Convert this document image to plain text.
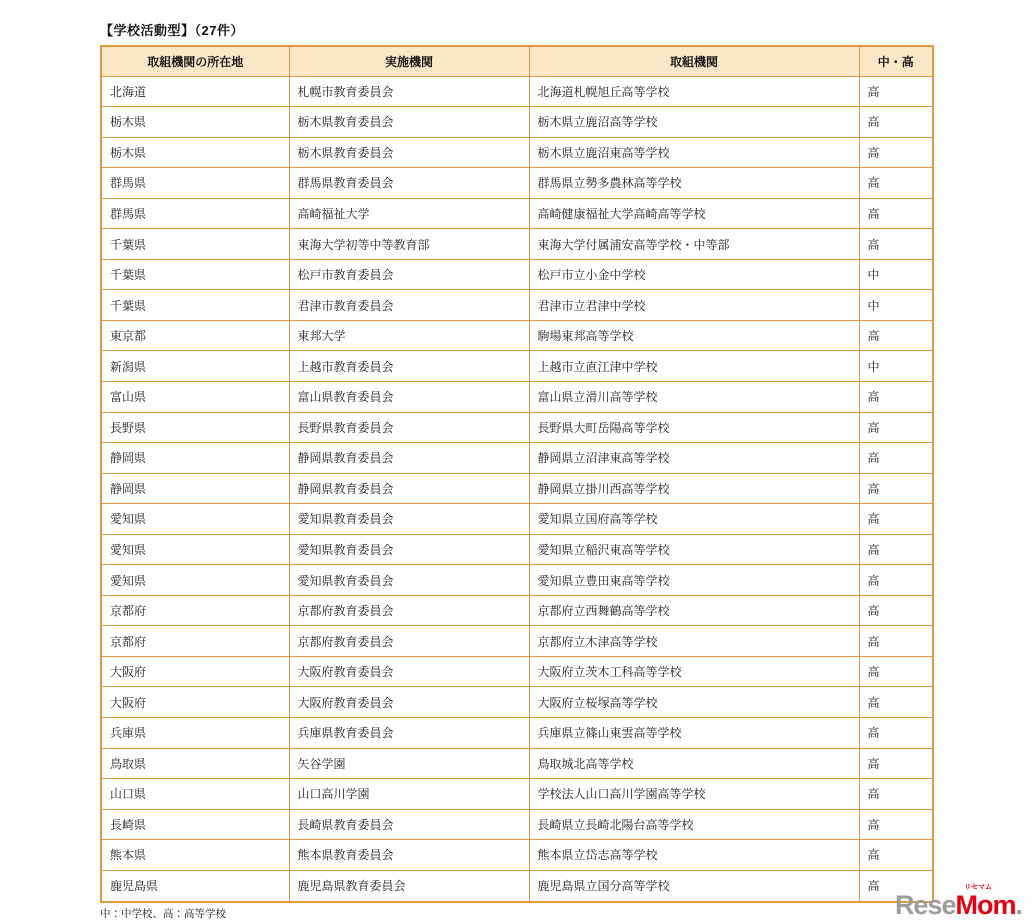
【学校活動型】（27件）
取組機関の所在地	実施機関	取組機関	中・高
北海道	札幌市教育委員会	北海道札幌旭丘高等学校	高
栃木県	栃木県教育委員会	栃木県立鹿沼高等学校	高
栃木県	栃木県教育委員会	栃木県立鹿沼東高等学校	高
群馬県	群馬県教育委員会	群馬県立勢多農林高等学校	高
群馬県	高崎福祉大学	高崎健康福祉大学高崎高等学校	高
千葉県	東海大学初等中等教育部	東海大学付属浦安高等学校・中等部	高
千葉県	松戸市教育委員会	松戸市立小金中学校	中
千葉県	君津市教育委員会	君津市立君津中学校	中
東京都	東邦大学	駒場東邦高等学校	高
新潟県	上越市教育委員会	上越市立直江津中学校	中
富山県	富山県教育委員会	富山県立滑川高等学校	高
長野県	長野県教育委員会	長野県大町岳陽高等学校	高
静岡県	静岡県教育委員会	静岡県立沼津東高等学校	高
静岡県	静岡県教育委員会	静岡県立掛川西高等学校	高
愛知県	愛知県教育委員会	愛知県立国府高等学校	高
愛知県	愛知県教育委員会	愛知県立稲沢東高等学校	高
愛知県	愛知県教育委員会	愛知県立豊田東高等学校	高
京都府	京都府教育委員会	京都府立西舞鶴高等学校	高
京都府	京都府教育委員会	京都府立木津高等学校	高
大阪府	大阪府教育委員会	大阪府立茨木工科高等学校	高
大阪府	大阪府教育委員会	大阪府立桜塚高等学校	高
兵庫県	兵庫県教育委員会	兵庫県立篠山東雲高等学校	高
鳥取県	矢谷学園	鳥取城北高等学校	高
山口県	山口高川学園	学校法人山口高川学園高等学校	高
長崎県	長崎県教育委員会	長崎県立長崎北陽台高等学校	高
熊本県	熊本県教育委員会	熊本県立岱志高等学校	高
鹿児島県	鹿児島県教育委員会	鹿児島県立国分高等学校	高
中：中学校、高：高等学校
リセマム
ReseMom.
